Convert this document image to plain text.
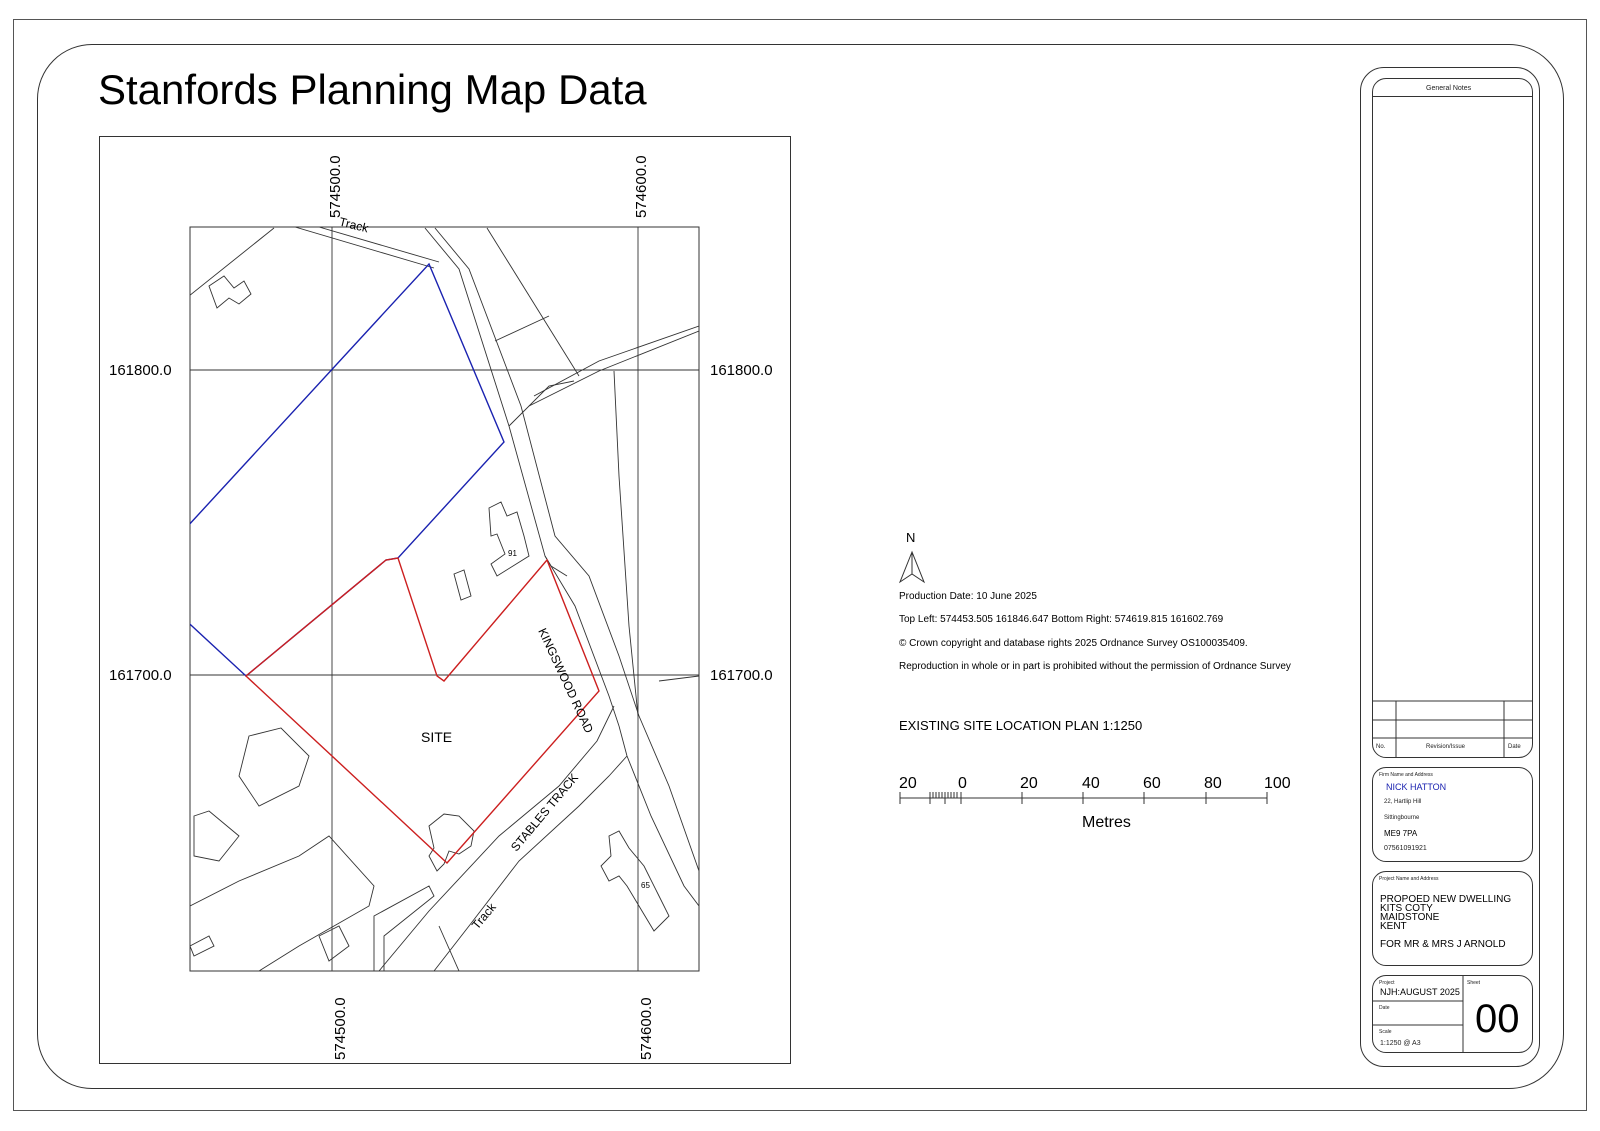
Stanfords Planning Map Data
Track
91
KINGSWOOD ROAD
SITE
STABLES TRACK
Track
65
574500.0	574600.0
574500.0	574600.0
161800.0	161800.0
161700.0	161700.0
N
Production Date: 10 June 2025
Top Left: 574453.505 161846.647 Bottom Right: 574619.815 161602.769
© Crown copyright and database rights 2025 Ordnance Survey OS100035409.
Reproduction in whole or in part is prohibited without the permission of Ordnance Survey
EXISTING SITE LOCATION PLAN 1:1250
20	0	20	40	60	80	100
Metres
General Notes
No.	Revision/Issue	Date
Firm Name and Address
NICK HATTON
22, Hartlip Hill
Sittingbourne
ME9 7PA
07561091921
Project Name and Address
PROPOED NEW DWELLING
KITS COTY
MAIDSTONE
KENT
FOR MR & MRS J ARNOLD
Project
NJH:AUGUST 2025
Sheet
00
Date
Scale
1:1250 @ A3
